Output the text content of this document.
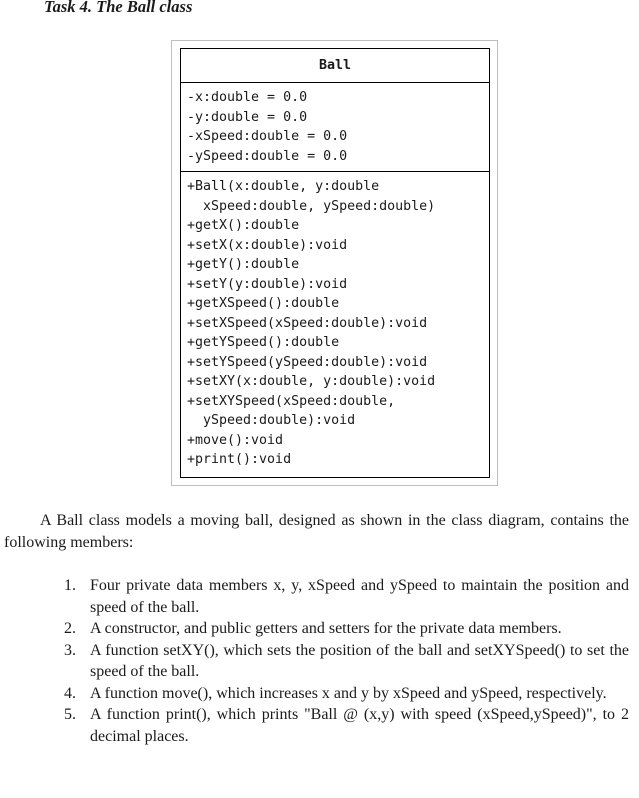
Task 4. The Ball class
Ball
-x:double = 0.0
-y:double = 0.0
-xSpeed:double = 0.0
-ySpeed:double = 0.0
+Ball(x:double, y:double
xSpeed:double, ySpeed:double)
+getX():double
+setX(x:double):void
+getY():double
+setY(y:double):void
+getXSpeed():double
+setXSpeed(xSpeed:double):void
+getYSpeed():double
+setYSpeed(ySpeed:double):void
+setXY(x:double, y:double):void
+setXYSpeed(xSpeed:double,
ySpeed:double):void
+move():void
+print():void

A Ball class models a moving ball, designed as shown in the class diagram, contains the following members:

1. Four private data members x, y, xSpeed and ySpeed to maintain the position and speed of the ball.
2. A constructor, and public getters and setters for the private data members.
3. A function setXY(), which sets the position of the ball and setXYSpeed() to set the speed of the ball.
4. A function move(), which increases x and y by xSpeed and ySpeed, respectively.
5. A function print(), which prints "Ball @ (x,y) with speed (xSpeed,ySpeed)", to 2 decimal places.
